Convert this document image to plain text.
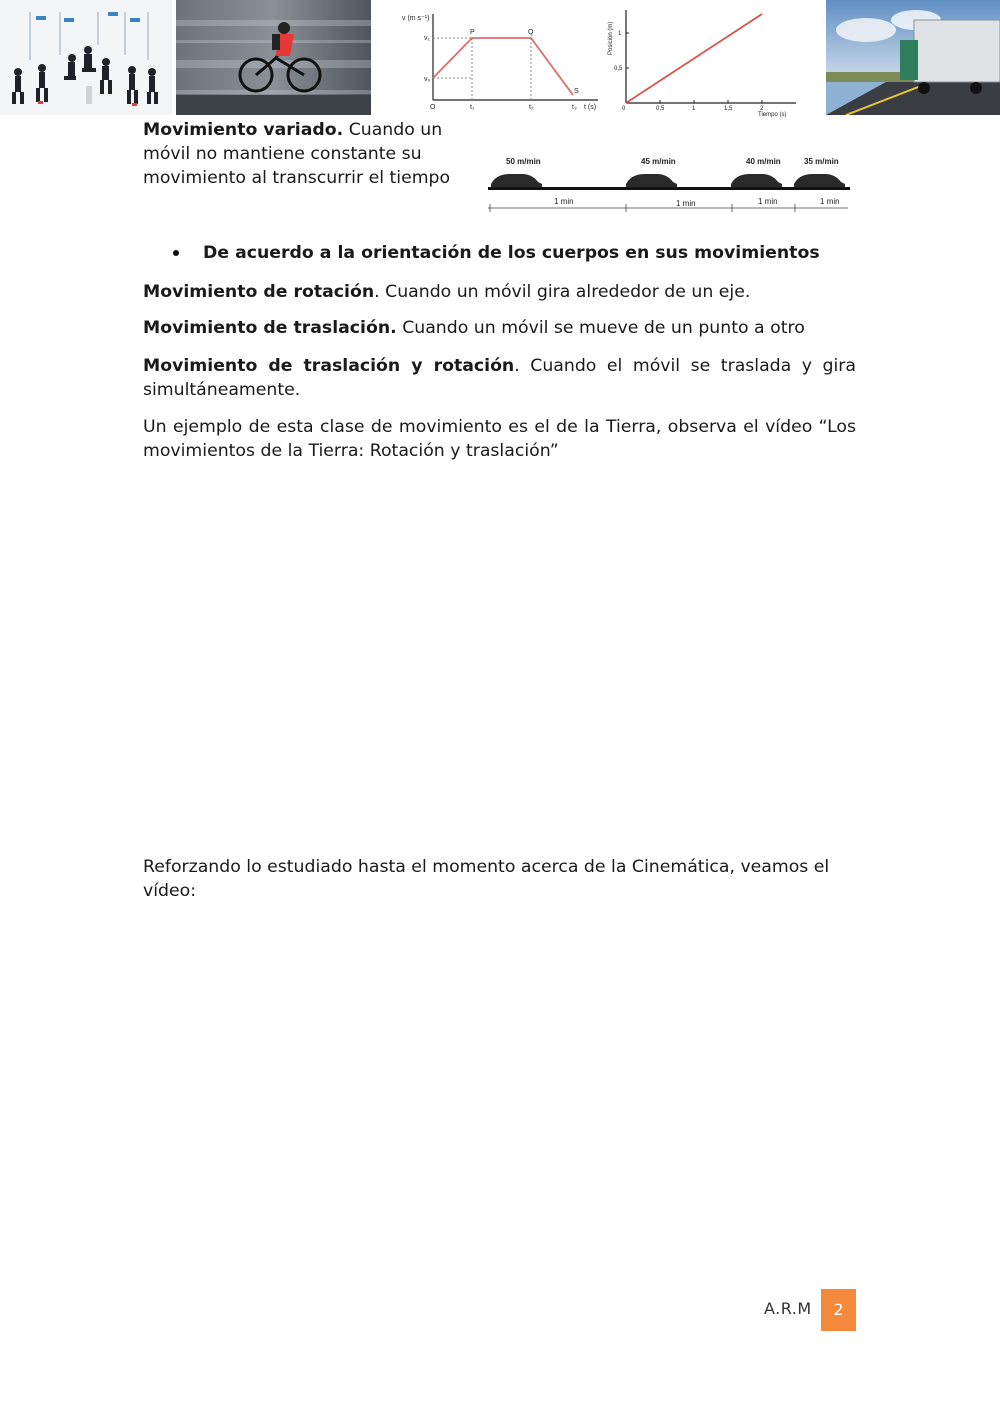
v (m s⁻¹)
v₁
v₀
O	t₁	t₂	t₃ t (s)
P	Q
S
0	0,5	1	1,5	2
0,5
1
Tiempo (s)
Posición (m)
Movimiento variado. Cuando un móvil no mantiene constante su movimiento al transcurrir el tiempo
50 m/min	45 m/min	40 m/min	35 m/min
1 min	1 min	1 min	1 min
De acuerdo a la orientación de los cuerpos en sus movimientos
Movimiento de rotación. Cuando un móvil gira alrededor de un eje.
Movimiento de traslación. Cuando un móvil se mueve de un punto a otro
Movimiento de traslación y rotación. Cuando el móvil se traslada y gira simultáneamente.
Un ejemplo de esta clase de movimiento es el de la Tierra, observa el vídeo “Los movimientos de la Tierra: Rotación y traslación”
Reforzando lo estudiado hasta el momento acerca de la Cinemática, veamos el vídeo:
A.R.M	2
